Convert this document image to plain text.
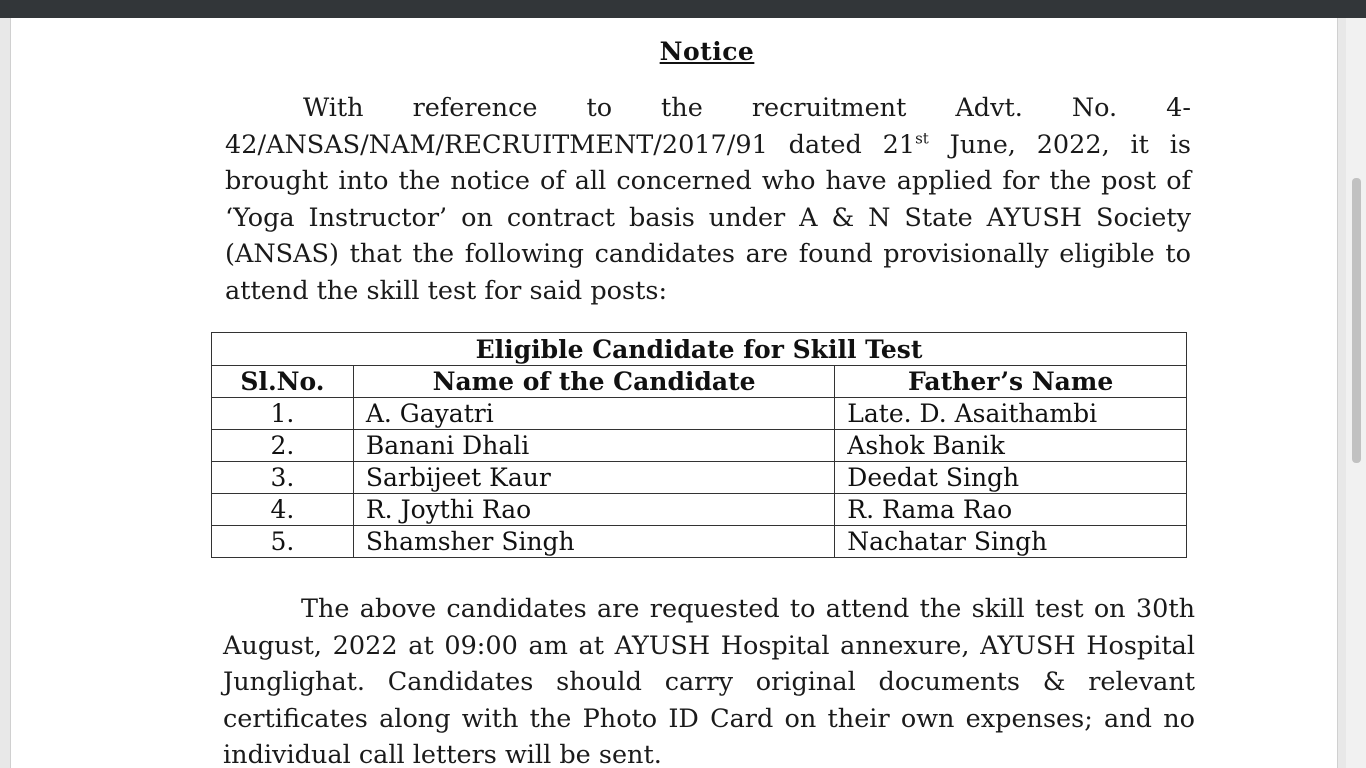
Notice

With reference to the recruitment Advt. No. 4-42/ANSAS/NAM/RECRUITMENT/2017/91 dated 21st June, 2022, it is brought into the notice of all concerned who have applied for the post of ‘Yoga Instructor’ on contract basis under A & N State AYUSH Society (ANSAS) that the following candidates are found provisionally eligible to attend the skill test for said posts:

Eligible Candidate for Skill Test		
Sl.No.	Name of the Candidate	Father’s Name
1.	A. Gayatri	Late. D. Asaithambi
2.	Banani Dhali	Ashok Banik
3.	Sarbijeet Kaur	Deedat Singh
4.	R. Joythi Rao	R. Rama Rao
5.	Shamsher Singh	Nachatar Singh

The above candidates are requested to attend the skill test on 30th August, 2022 at 09:00 am at AYUSH Hospital annexure, AYUSH Hospital Junglighat. Candidates should carry original documents & relevant certificates along with the Photo ID Card on their own expenses; and no individual call letters will be sent.
